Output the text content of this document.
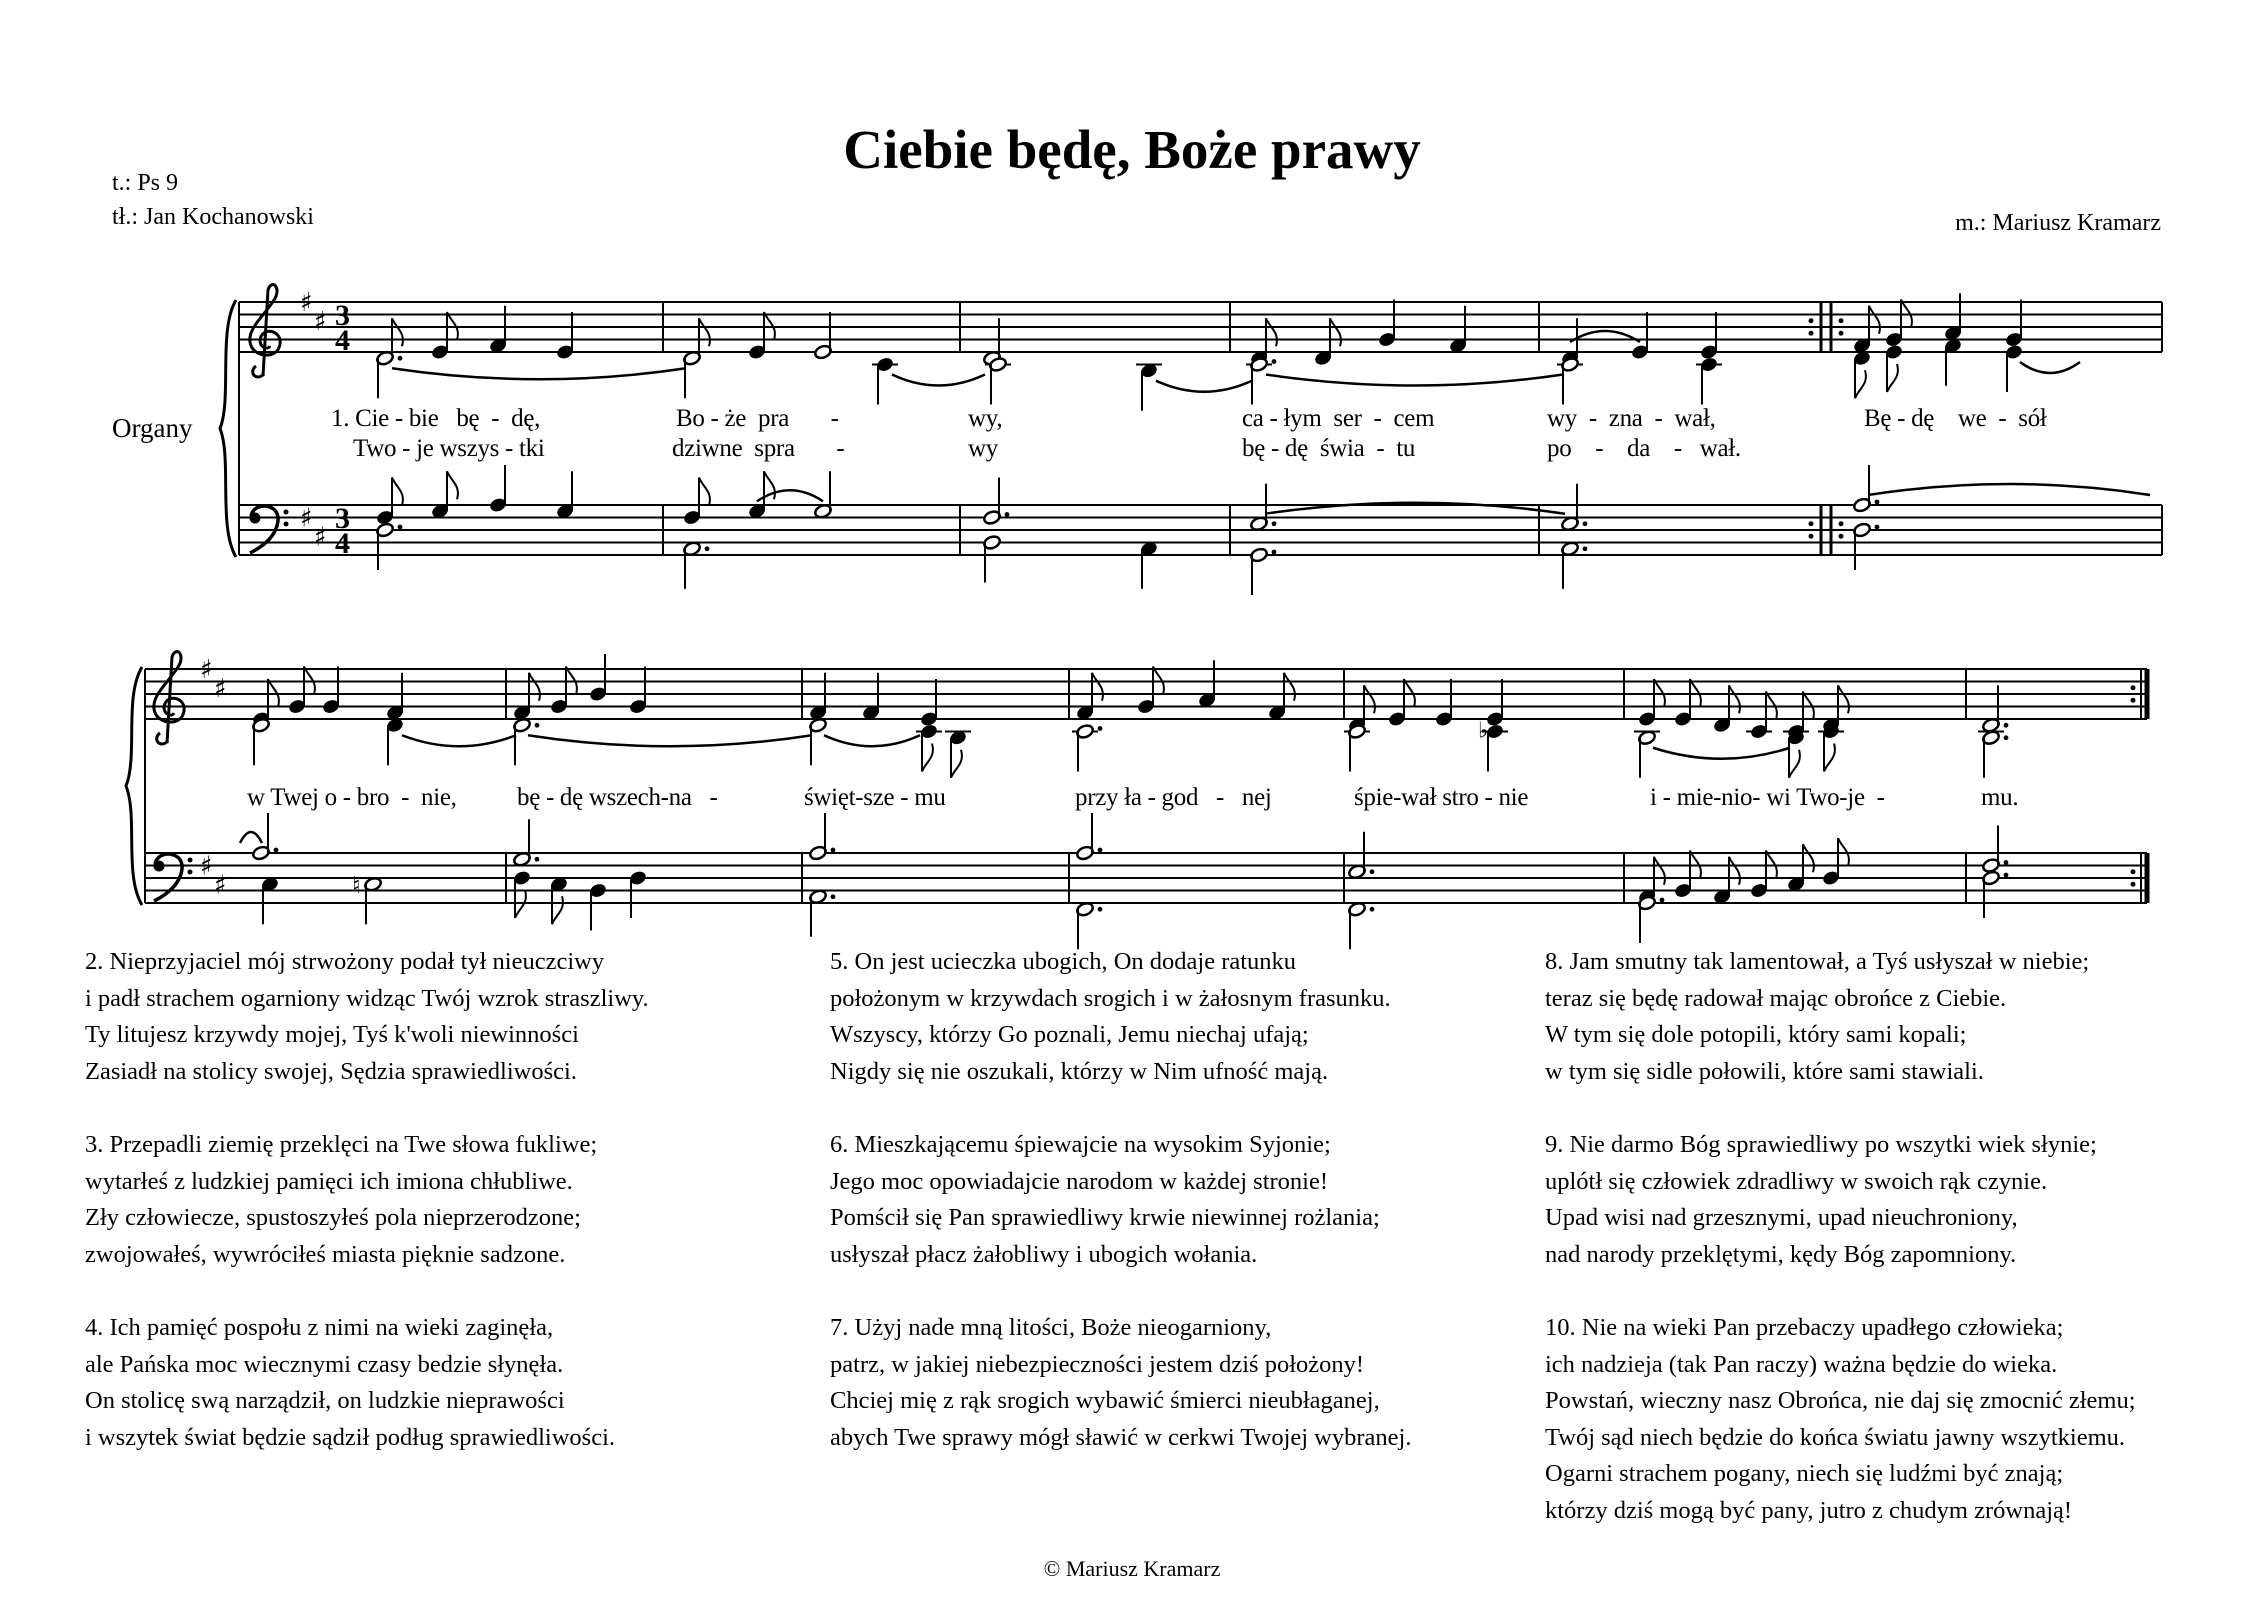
♯
♯
♯
♯
3
4
3
4
♯
♯
♯
♯
♭
♮
Ciebie będę, Boże prawy
t.: Ps 9
tł.: Jan Kochanowski	m.: Mariusz Kramarz
Organy	1. Cie - bie   bę  -  dę,	Bo - że  pra       -	wy,	ca - łym  ser  -  cem	wy  -  zna  -  wał,	Bę - dę    we  -  sół
Two - je wszys - tki	dziwne  spra       -	wy	bę - dę  świa  -  tu	po    -    da    -   wał.
w Twej o - bro  -  nie, bę - dę wszech-na   -	święt-sze - mu	przy ła - god   -   nej	śpie-wał stro - nie	i - mie-nio- wi Two-je  -	mu.
2. Nieprzyjaciel mój strwożony podał tył nieuczciwy
i padł strachem ogarniony widząc Twój wzrok straszliwy.
Ty litujesz krzywdy mojej, Tyś k'woli niewinności
Zasiadł na stolicy swojej, Sędzia sprawiedliwości.
3. Przepadli ziemię przeklęci na Twe słowa fukliwe;
wytarłeś z ludzkiej pamięci ich imiona chłubliwe.
Zły człowiecze, spustoszyłeś pola nieprzerodzone;
zwojowałeś, wywróciłeś miasta pięknie sadzone.
4. Ich pamięć pospołu z nimi na wieki zaginęła,
ale Pańska moc wiecznymi czasy bedzie słynęła.
On stolicę swą narządził, on ludzkie nieprawości
i wszytek świat będzie sądził podług sprawiedliwości.
5. On jest ucieczka ubogich, On dodaje ratunku
położonym w krzywdach srogich i w żałosnym frasunku.
Wszyscy, którzy Go poznali, Jemu niechaj ufają;
Nigdy się nie oszukali, którzy w Nim ufność mają.
6. Mieszkającemu śpiewajcie na wysokim Syjonie;
Jego moc opowiadajcie narodom w każdej stronie!
Pomścił się Pan sprawiedliwy krwie niewinnej rożlania;
usłyszał płacz żałobliwy i ubogich wołania.
7. Użyj nade mną litości, Boże nieogarniony,
patrz, w jakiej niebezpieczności jestem dziś położony!
Chciej mię z rąk srogich wybawić śmierci nieubłaganej,
abych Twe sprawy mógł sławić w cerkwi Twojej wybranej.
8. Jam smutny tak lamentował, a Tyś usłyszał w niebie;
teraz się będę radował mając obrońce z Ciebie.
W tym się dole potopili, który sami kopali;
w tym się sidle połowili, które sami stawiali.
9. Nie darmo Bóg sprawiedliwy po wszytki wiek słynie;
uplótł się człowiek zdradliwy w swoich rąk czynie.
Upad wisi nad grzesznymi, upad nieuchroniony,
nad narody przeklętymi, kędy Bóg zapomniony.
10. Nie na wieki Pan przebaczy upadłego człowieka;
ich nadzieja (tak Pan raczy) ważna będzie do wieka.
Powstań, wieczny nasz Obrońca, nie daj się zmocnić złemu;
Twój sąd niech będzie do końca światu jawny wszytkiemu.
Ogarni strachem pogany, niech się ludźmi być znają;
którzy dziś mogą być pany, jutro z chudym zrównają!
© Mariusz Kramarz
